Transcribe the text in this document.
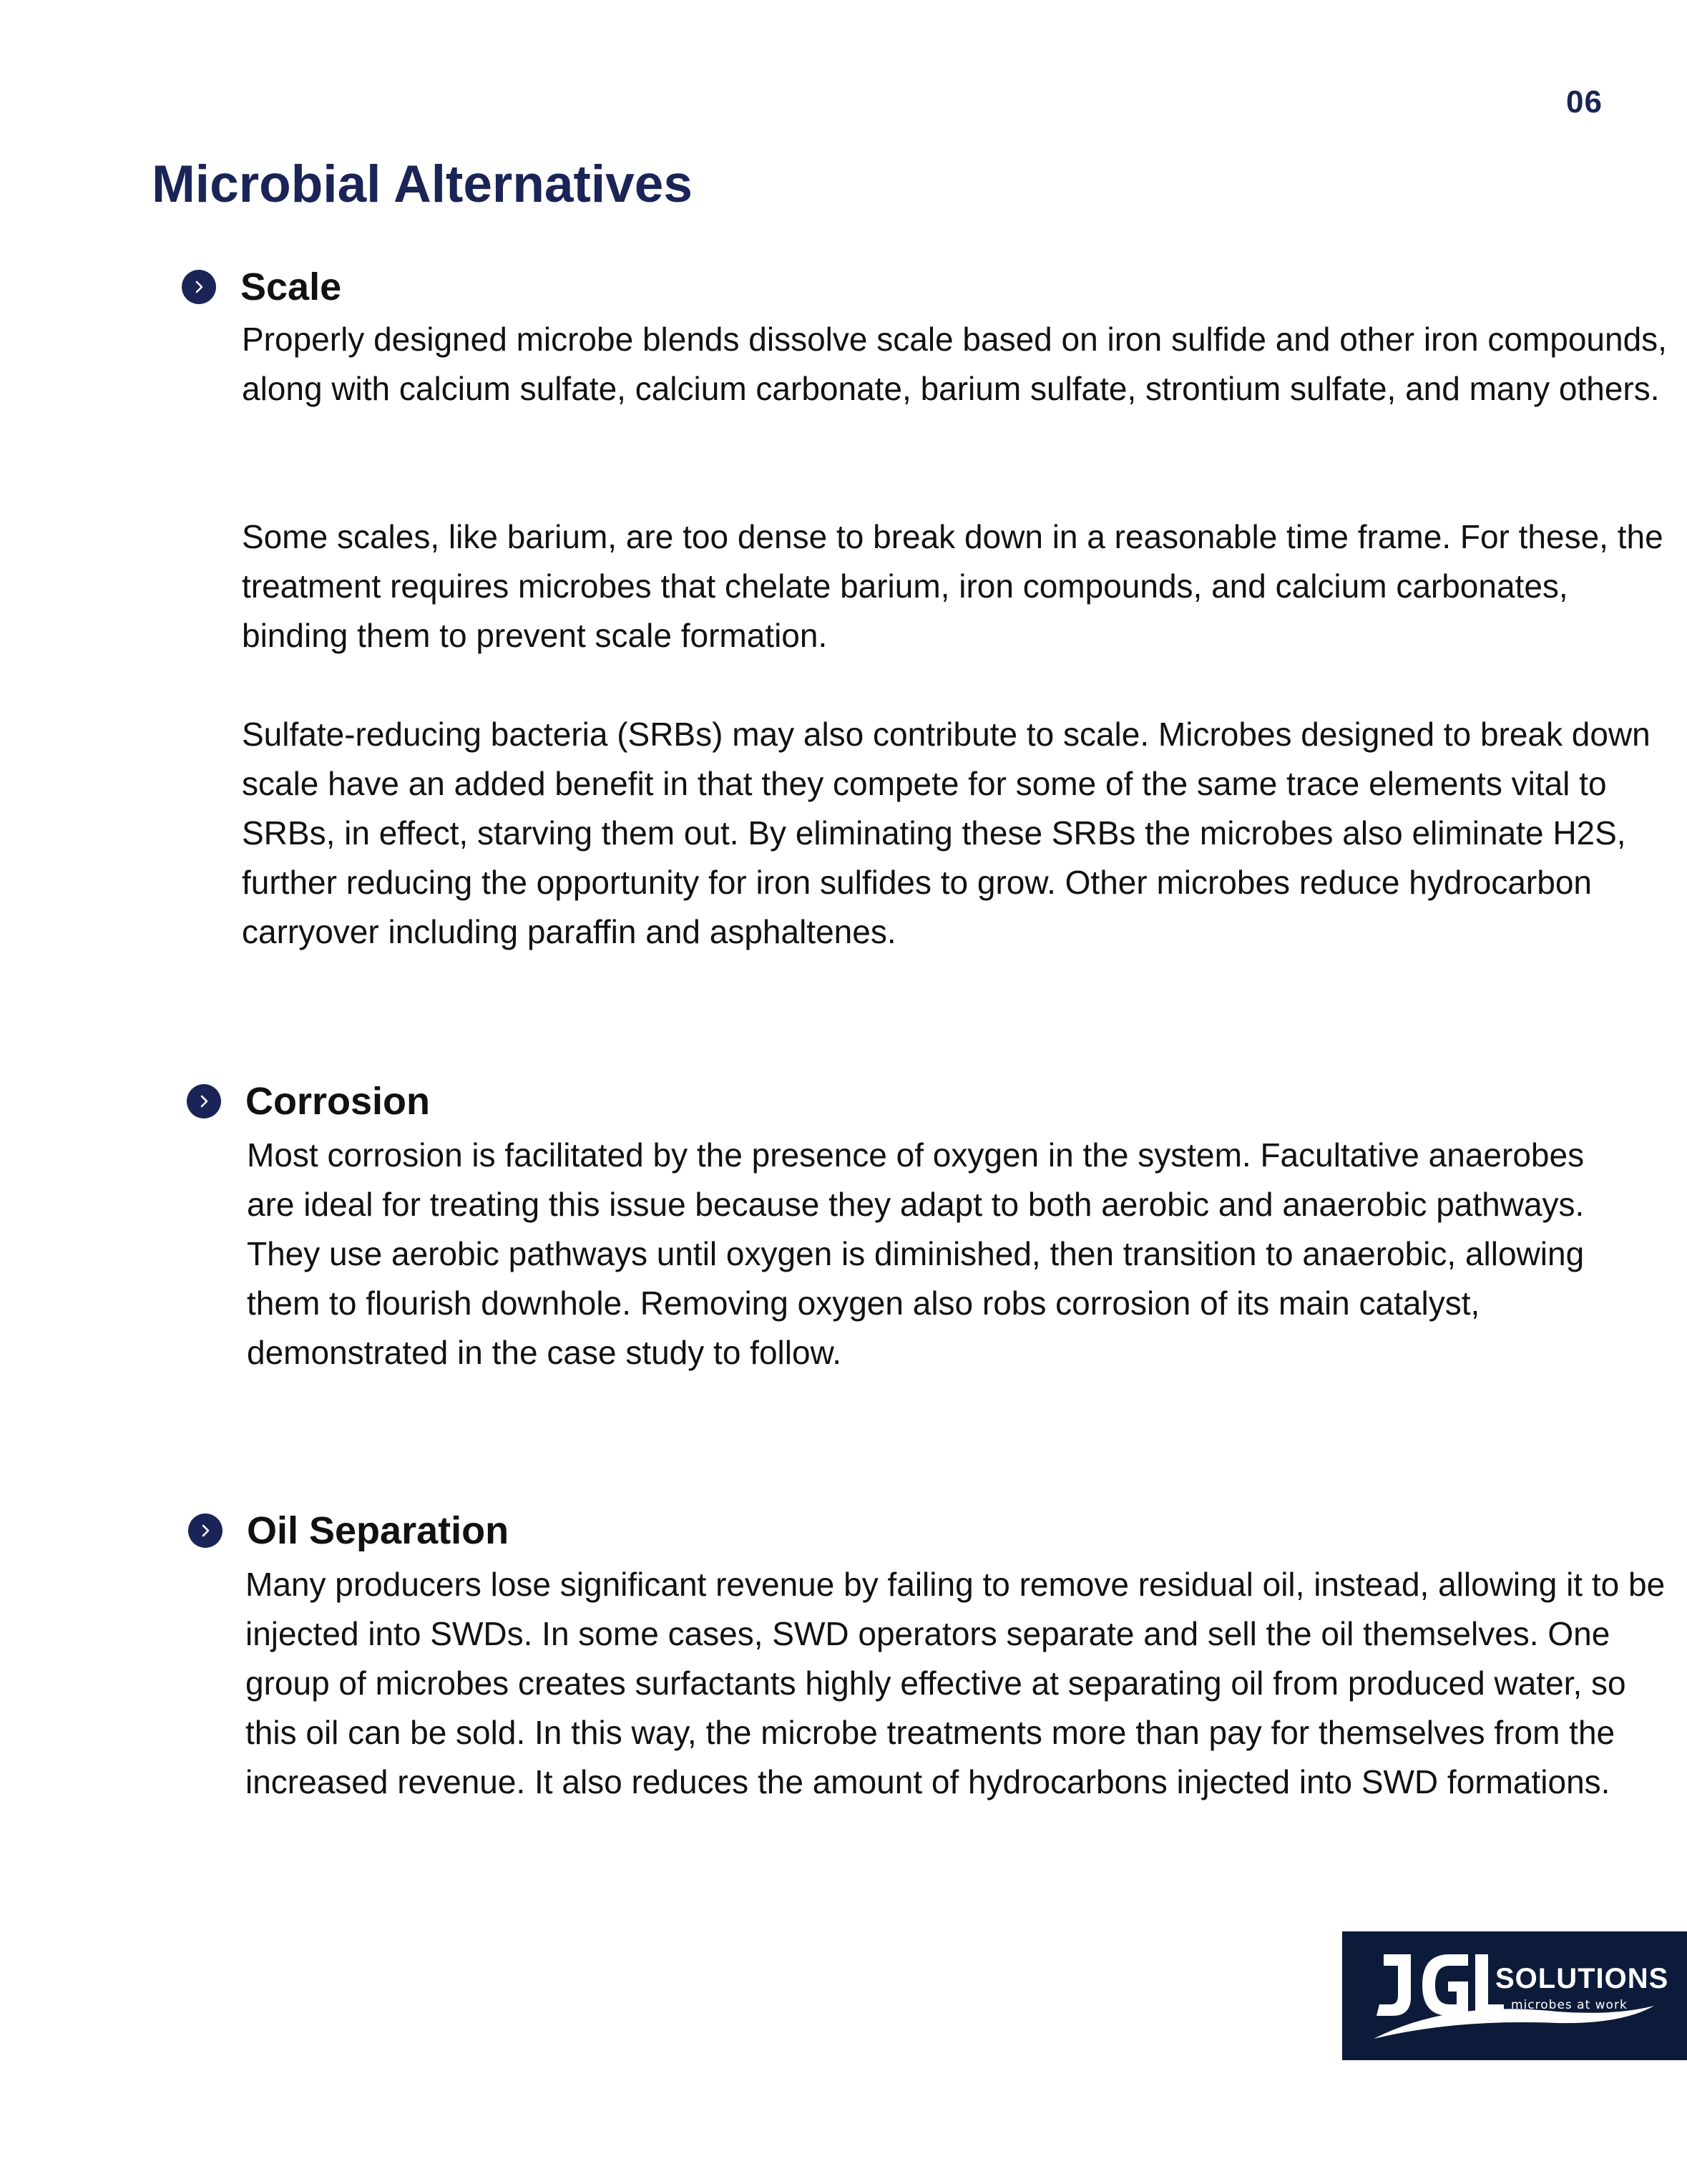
06
Microbial Alternatives
Scale

Properly designed microbe blends dissolve scale based on iron sulfide and other iron compounds, along with calcium sulfate, calcium carbonate, barium sulfate, strontium sulfate, and many others.

Some scales, like barium, are too dense to break down in a reasonable time frame. For these, the treatment requires microbes that chelate barium, iron compounds, and calcium carbonates, binding them to prevent scale formation.

Sulfate-reducing bacteria (SRBs) may also contribute to scale. Microbes designed to break down scale have an added benefit in that they compete for some of the same trace elements vital to SRBs, in effect, starving them out. By eliminating these SRBs the microbes also eliminate H2S, further reducing the opportunity for iron sulfides to grow. Other microbes reduce hydrocarbon carryover including paraffin and asphaltenes.

Corrosion

Most corrosion is facilitated by the presence of oxygen in the system. Facultative anaerobes are ideal for treating this issue because they adapt to both aerobic and anaerobic pathways. They use aerobic pathways until oxygen is diminished, then transition to anaerobic, allowing them to flourish downhole. Removing oxygen also robs corrosion of its main catalyst, demonstrated in the case study to follow.

Oil Separation

Many producers lose significant revenue by failing to remove residual oil, instead, allowing it to be injected into SWDs. In some cases, SWD operators separate and sell the oil themselves. One group of microbes creates surfactants highly effective at separating oil from produced water, so this oil can be sold. In this way, the microbe treatments more than pay for themselves from the increased revenue. It also reduces the amount of hydrocarbons injected into SWD formations.

SOLUTIONS
microbes at work
